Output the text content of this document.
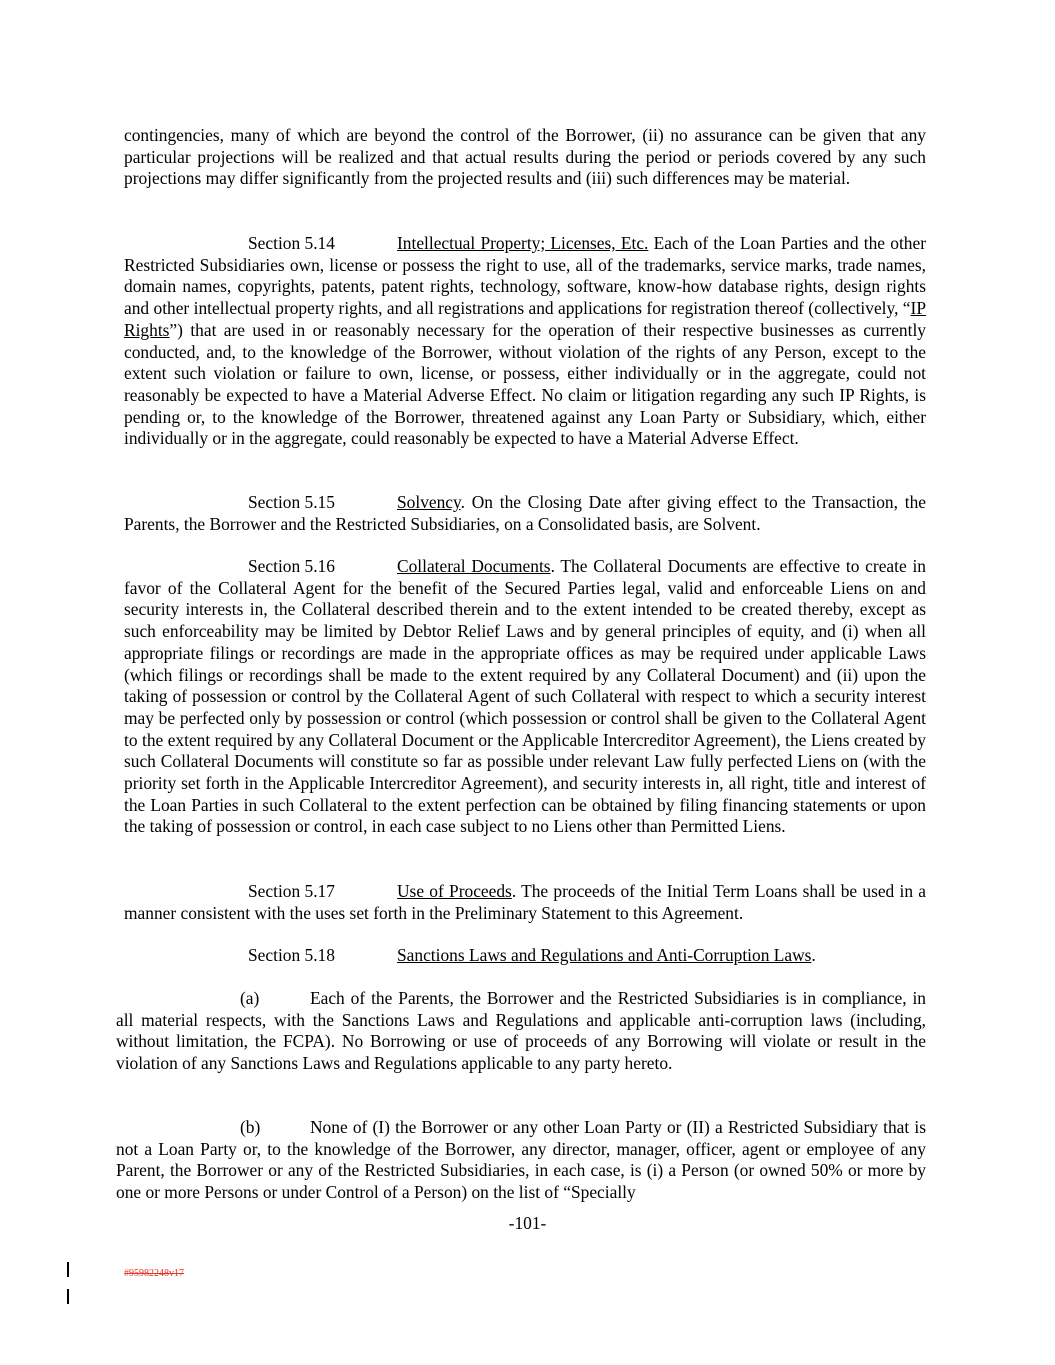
contingencies, many of which are beyond the control of the Borrower, (ii) no assurance can be given that any particular projections will be realized and that actual results during the period or periods covered by any such projections may differ significantly from the projected results and (iii) such differences may be material.

Section 5.14	Intellectual Property; Licenses, Etc. Each of the Loan Parties and the other Restricted Subsidiaries own, license or possess the right to use, all of the trademarks, service marks, trade names, domain names, copyrights, patents, patent rights, technology, software, know-how database rights, design rights and other intellectual property rights, and all registrations and applications for registration thereof (collectively, “IP Rights”) that are used in or reasonably necessary for the operation of their respective businesses as currently conducted, and, to the knowledge of the Borrower, without violation of the rights of any Person, except to the extent such violation or failure to own, license, or possess, either individually or in the aggregate, could not reasonably be expected to have a Material Adverse Effect. No claim or litigation regarding any such IP Rights, is pending or, to the knowledge of the Borrower, threatened against any Loan Party or Subsidiary, which, either individually or in the aggregate, could reasonably be expected to have a Material Adverse Effect.

Section 5.15	Solvency. On the Closing Date after giving effect to the Transaction, the Parents, the Borrower and the Restricted Subsidiaries, on a Consolidated basis, are Solvent.

Section 5.16	Collateral Documents. The Collateral Documents are effective to create in favor of the Collateral Agent for the benefit of the Secured Parties legal, valid and enforceable Liens on and security interests in, the Collateral described therein and to the extent intended to be created thereby, except as such enforceability may be limited by Debtor Relief Laws and by general principles of equity, and (i) when all appropriate filings or recordings are made in the appropriate offices as may be required under applicable Laws (which filings or recordings shall be made to the extent required by any Collateral Document) and (ii) upon the taking of possession or control by the Collateral Agent of such Collateral with respect to which a security interest may be perfected only by possession or control (which possession or control shall be given to the Collateral Agent to the extent required by any Collateral Document or the Applicable Intercreditor Agreement), the Liens created by such Collateral Documents will constitute so far as possible under relevant Law fully perfected Liens on (with the priority set forth in the Applicable Intercreditor Agreement), and security interests in, all right, title and interest of the Loan Parties in such Collateral to the extent perfection can be obtained by filing financing statements or upon the taking of possession or control, in each case subject to no Liens other than Permitted Liens.

Section 5.17	Use of Proceeds. The proceeds of the Initial Term Loans shall be used in a manner consistent with the uses set forth in the Preliminary Statement to this Agreement.

Section 5.18	Sanctions Laws and Regulations and Anti-Corruption Laws.

(a)	Each of the Parents, the Borrower and the Restricted Subsidiaries is in compliance, in all material respects, with the Sanctions Laws and Regulations and applicable anti-corruption laws (including, without limitation, the FCPA). No Borrowing or use of proceeds of any Borrowing will violate or result in the violation of any Sanctions Laws and Regulations applicable to any party hereto.

(b)	None of (I) the Borrower or any other Loan Party or (II) a Restricted Subsidiary that is not a Loan Party or, to the knowledge of the Borrower, any director, manager, officer, agent or employee of any Parent, the Borrower or any of the Restricted Subsidiaries, in each case, is (i) a Person (or owned 50% or more by one or more Persons or under Control of a Person) on the list of “Specially

-101-
#95982248v17
